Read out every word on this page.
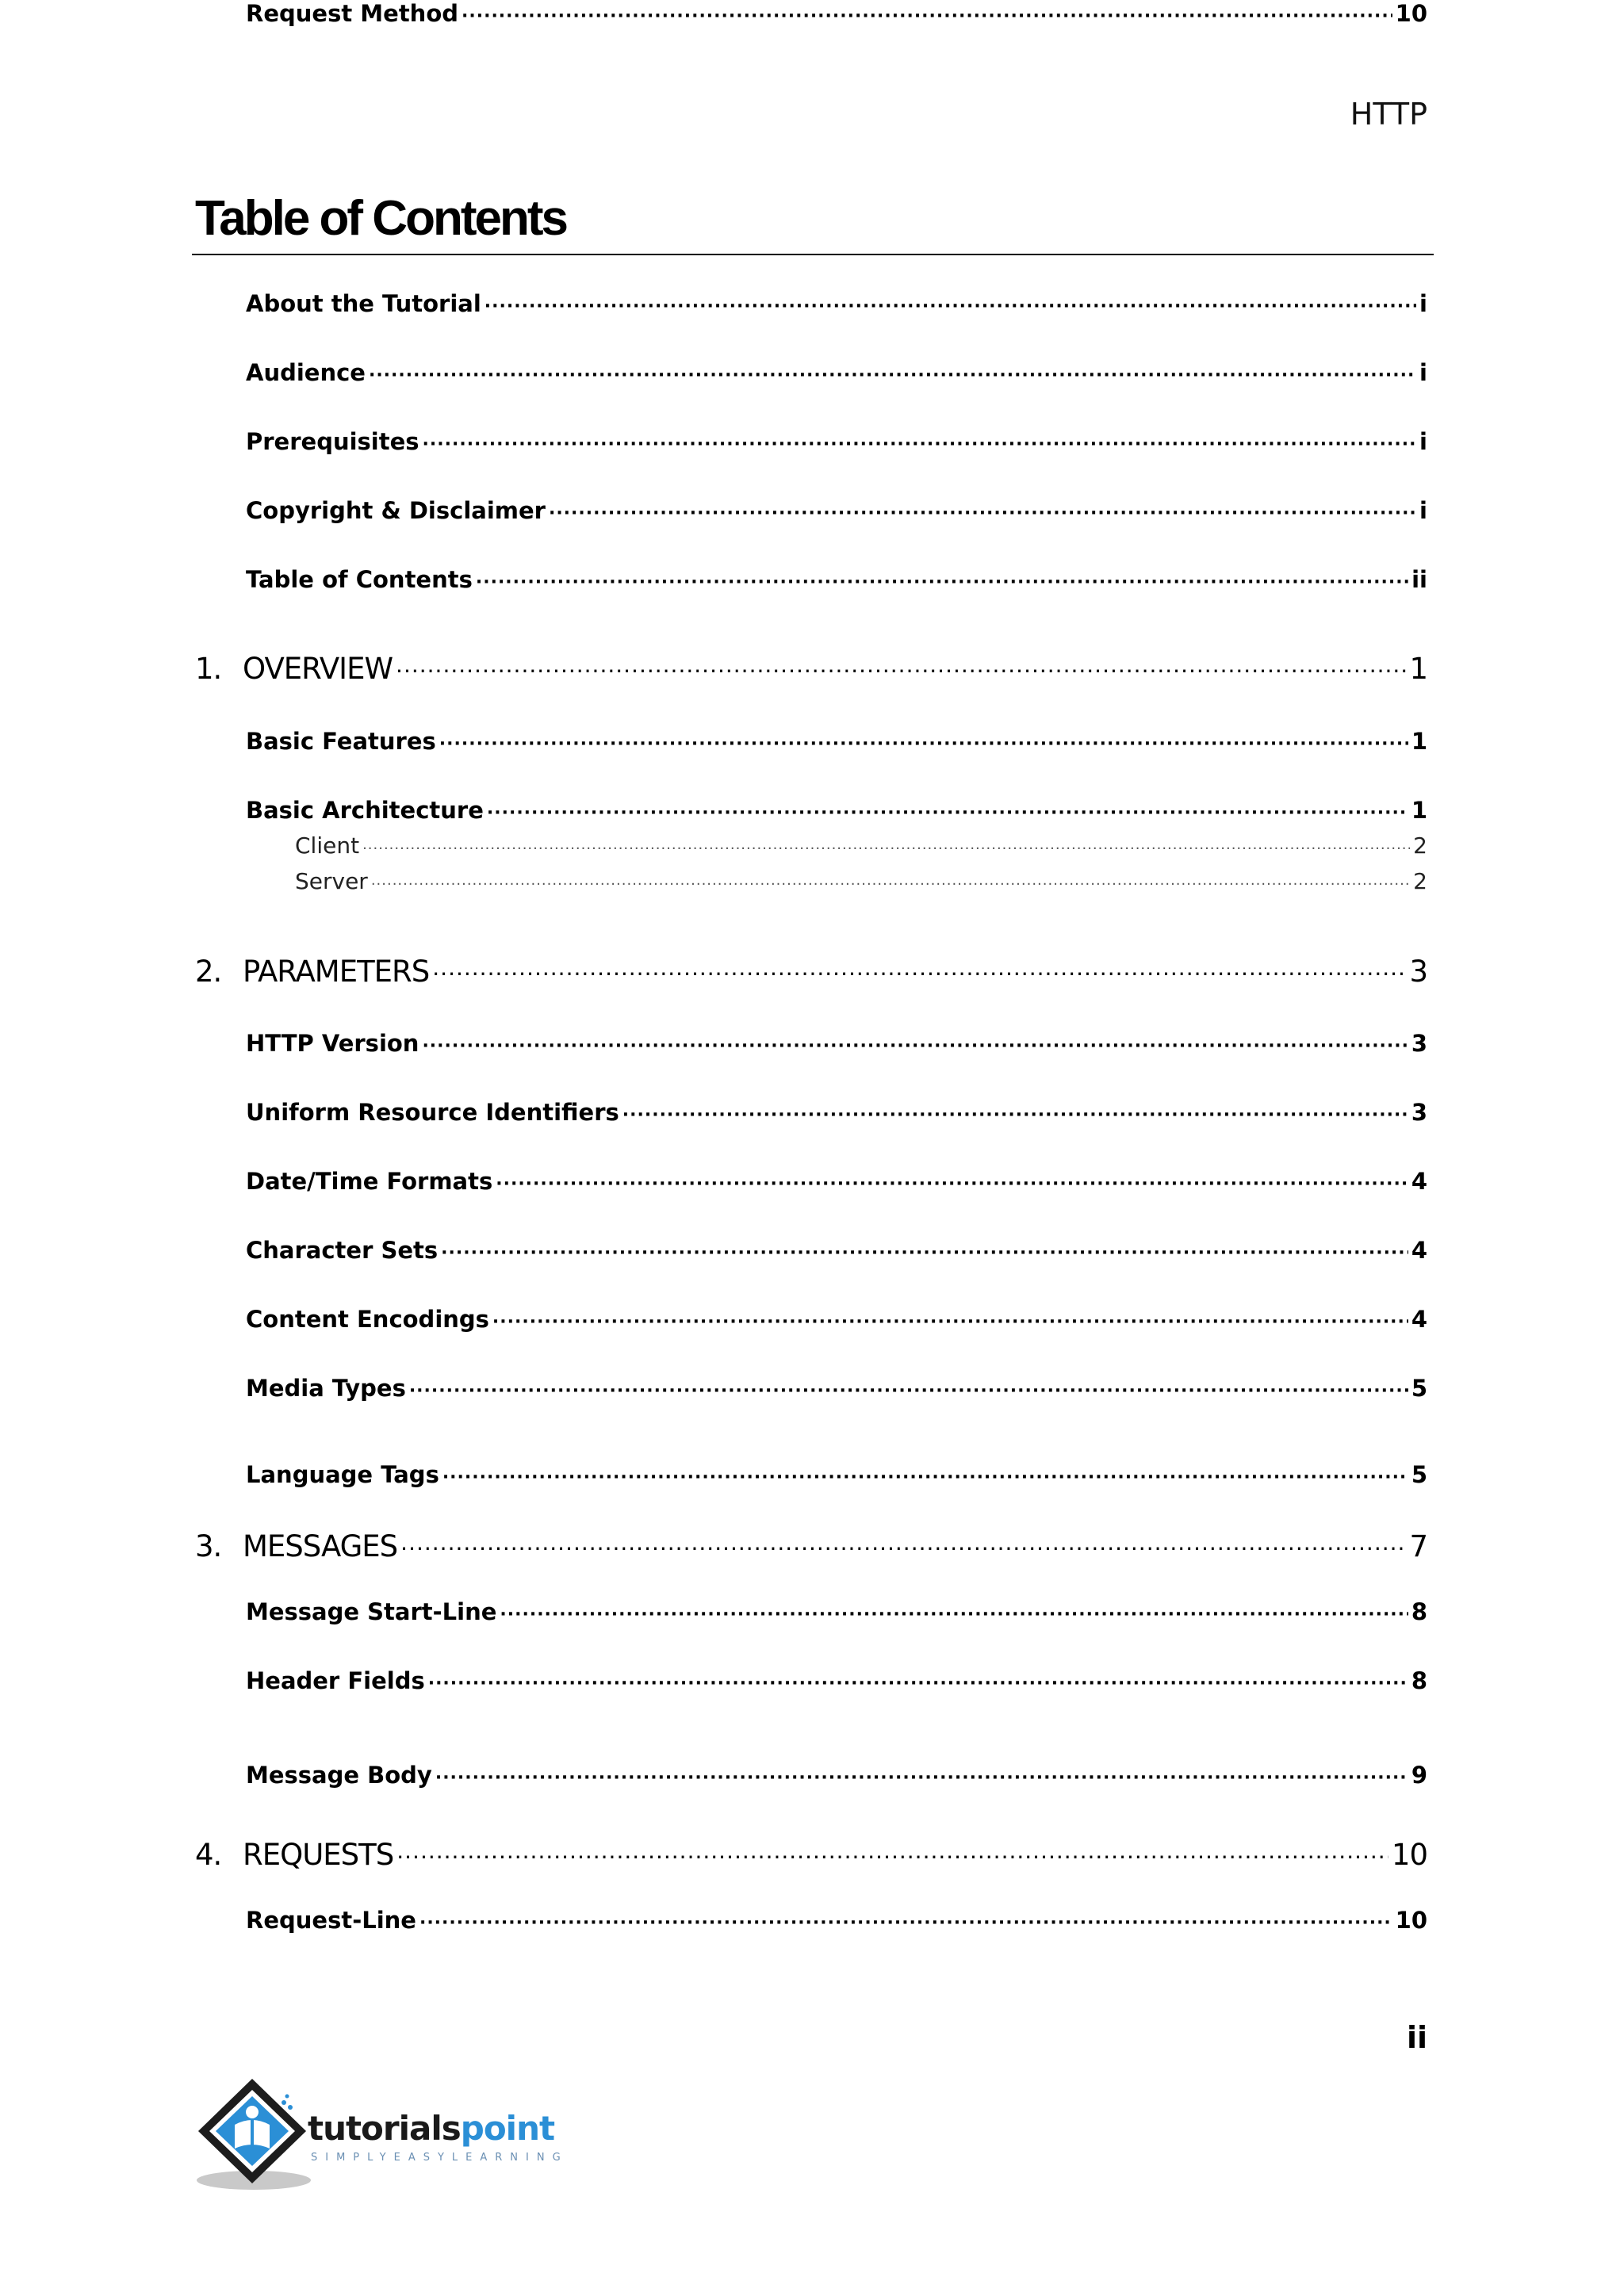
HTTP
Table of Contents
About the Tutorial ·····	i
Audience ·····	i
Prerequisites ·····	i
Copyright & Disclaimer ·····	i
Table of Contents ·····	ii
1. OVERVIEW ·····	1
Basic Features ·····	1
Basic Architecture ·····	1
Client ·····	2
Server ·····	2
2. PARAMETERS ·····	3
HTTP Version ·····	3
Uniform Resource Identifiers ·····	3
Date/Time Formats ·····	4
Character Sets ·····	4
Content Encodings ·····	4
Media Types ·····	5
Language Tags ·····	5
3. MESSAGES ·····	7
Message Start-Line ·····	8
Header Fields ·····	8
Message Body ·····	9
4. REQUESTS ·····	10
Request-Line ·····	10
Request Method ·····	10
ii
tutorialspoint
SIMPLYEASYLEARNING
